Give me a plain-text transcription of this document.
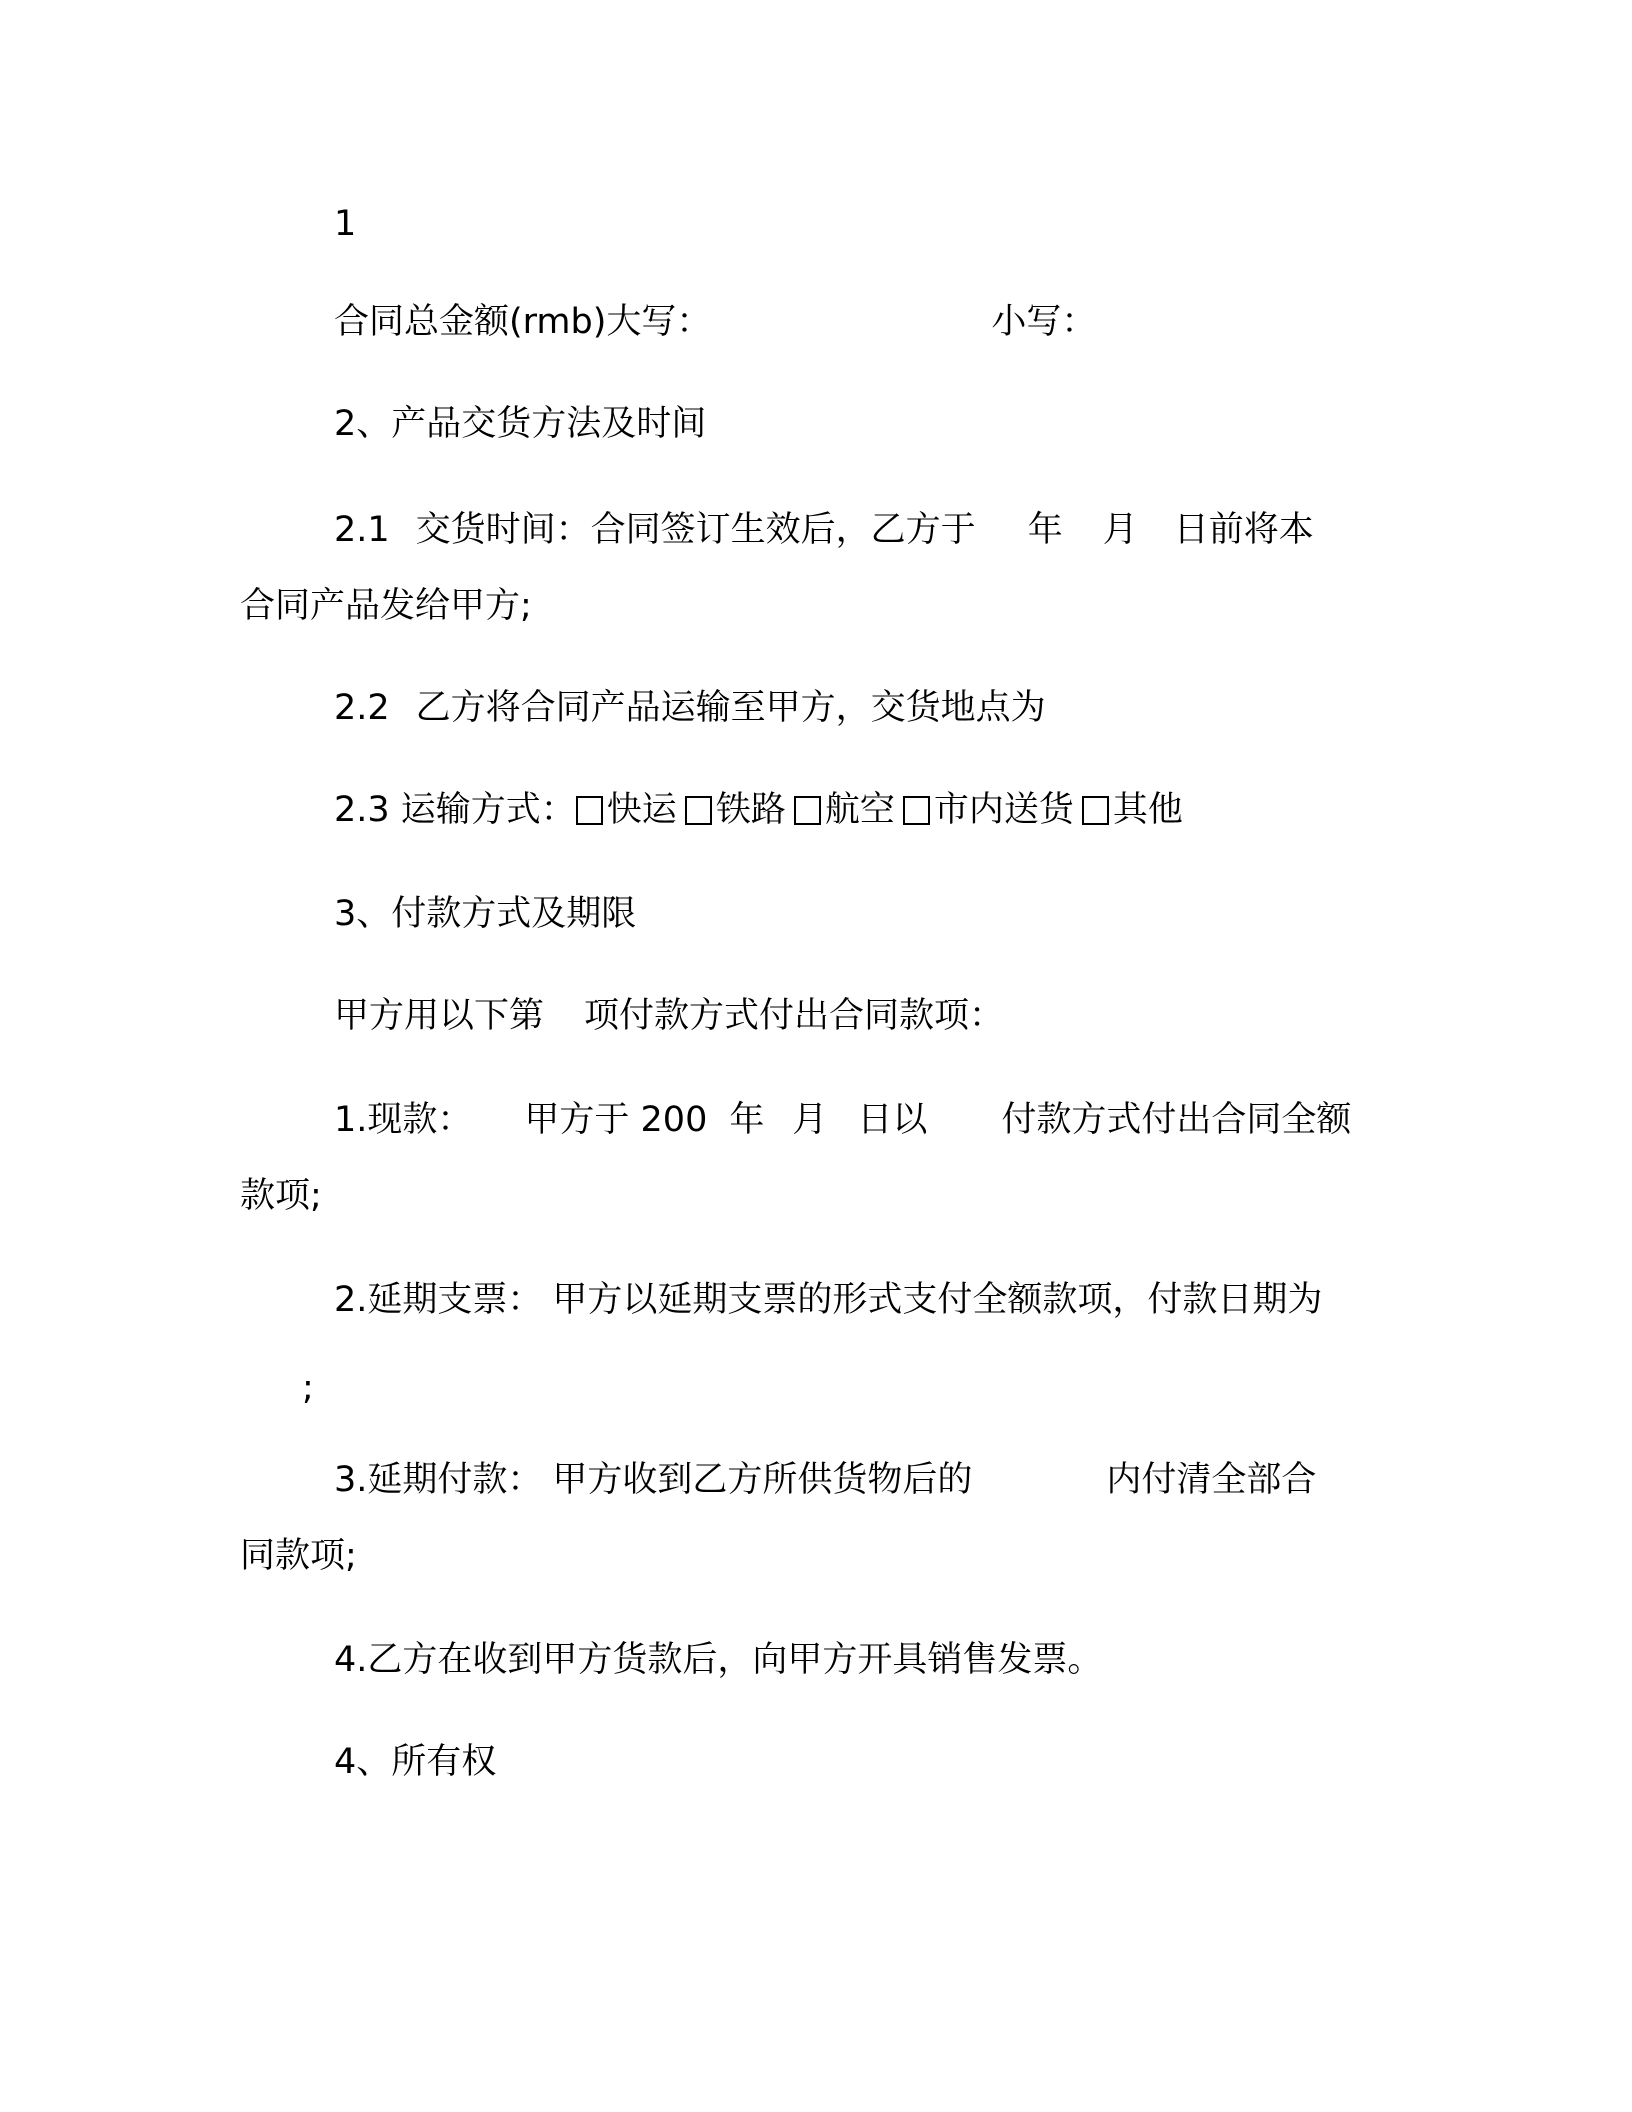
1

合同总金额(rmb)大写：	小写：

2、产品交货方法及时间

2.1 交货时间：合同签订生效后，乙方于 年 月 日前将本

合同产品发给甲方;

2.2 乙方将合同产品运输至甲方，交货地点为

2.3 运输方式： 快运 铁路 航空 市内送货 其他

3、付款方式及期限

甲方用以下第 项付款方式付出合同款项：

1.现款： 甲方于 200 年 月 日以 付款方式付出合同全额

款项;

2.延期支票： 甲方以延期支票的形式支付全额款项，付款日期为

;

3.延期付款： 甲方收到乙方所供货物后的	内付清全部合

同款项;

4.乙方在收到甲方货款后，向甲方开具销售发票。

4、所有权
